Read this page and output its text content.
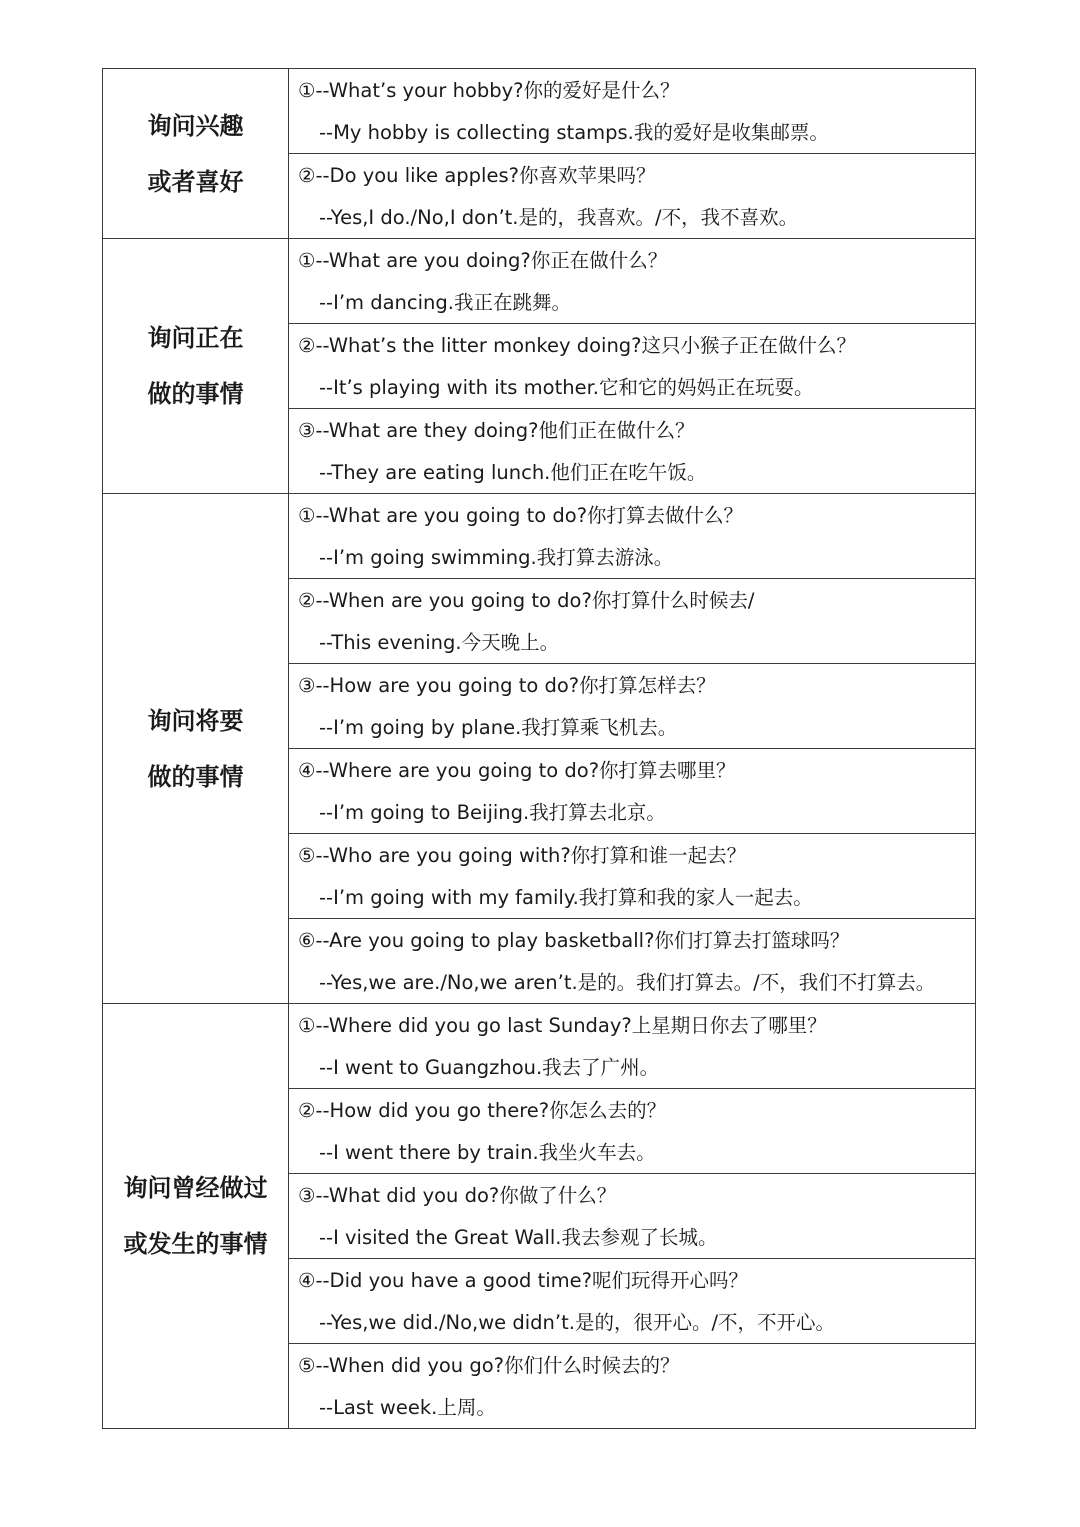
询问兴趣
或者喜好	①--What’s your hobby?你的爱好是什么？
--My hobby is collecting stamps.我的爱好是收集邮票。

	②--Do you like apples?你喜欢苹果吗？
--Yes,I do./No,I don’t.是的，我喜欢。/不，我不喜欢。

询问正在
做的事情	①--What are you doing?你正在做什么？
--I’m dancing.我正在跳舞。

	②--What’s the litter monkey doing?这只小猴子正在做什么？
--It’s playing with its mother.它和它的妈妈正在玩耍。

	③--What are they doing?他们正在做什么？
--They are eating lunch.他们正在吃午饭。

询问将要
做的事情	①--What are you going to do?你打算去做什么？
--I’m going swimming.我打算去游泳。

	②--When are you going to do?你打算什么时候去/
--This evening.今天晚上。

	③--How are you going to do?你打算怎样去？
--I’m going by plane.我打算乘飞机去。

	④--Where are you going to do?你打算去哪里？
--I’m going to Beijing.我打算去北京。

	⑤--Who are you going with?你打算和谁一起去？
--I’m going with my family.我打算和我的家人一起去。

	⑥--Are you going to play basketball?你们打算去打篮球吗？
--Yes,we are./No,we aren’t.是的。我们打算去。/不，我们不打算去。

询问曾经做过
或发生的事情	①--Where did you go last Sunday?上星期日你去了哪里？
--I went to Guangzhou.我去了广州。

	②--How did you go there?你怎么去的？
--I went there by train.我坐火车去。

	③--What did you do?你做了什么？
--I visited the Great Wall.我去参观了长城。

	④--Did you have a good time?呢们玩得开心吗？
--Yes,we did./No,we didn’t.是的，很开心。/不，不开心。

	⑤--When did you go?你们什么时候去的？
--Last week.上周。
